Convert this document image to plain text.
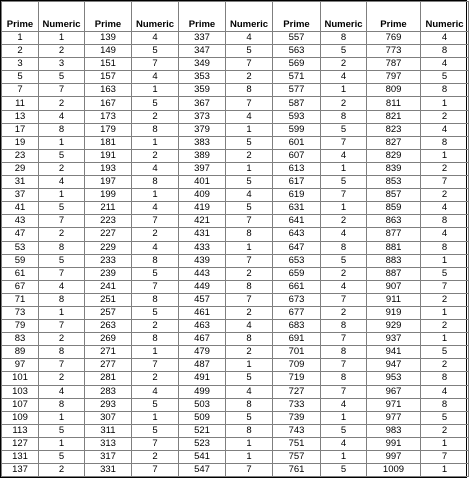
Prime	Numeric	Prime	Numeric	Prime	Numeric	Prime	Numeric	Prime	Numeric
1	1	139	4	337	4	557	8	769	4
2	2	149	5	347	5	563	5	773	8
3	3	151	7	349	7	569	2	787	4
5	5	157	4	353	2	571	4	797	5
7	7	163	1	359	8	577	1	809	8
11	2	167	5	367	7	587	2	811	1
13	4	173	2	373	4	593	8	821	2
17	8	179	8	379	1	599	5	823	4
19	1	181	1	383	5	601	7	827	8
23	5	191	2	389	2	607	4	829	1
29	2	193	4	397	1	613	1	839	2
31	4	197	8	401	5	617	5	853	7
37	1	199	1	409	4	619	7	857	2
41	5	211	4	419	5	631	1	859	4
43	7	223	7	421	7	641	2	863	8
47	2	227	2	431	8	643	4	877	4
53	8	229	4	433	1	647	8	881	8
59	5	233	8	439	7	653	5	883	1
61	7	239	5	443	2	659	2	887	5
67	4	241	7	449	8	661	4	907	7
71	8	251	8	457	7	673	7	911	2
73	1	257	5	461	2	677	2	919	1
79	7	263	2	463	4	683	8	929	2
83	2	269	8	467	8	691	7	937	1
89	8	271	1	479	2	701	8	941	5
97	7	277	7	487	1	709	7	947	2
101	2	281	2	491	5	719	8	953	8
103	4	283	4	499	4	727	7	967	4
107	8	293	5	503	8	733	4	971	8
109	1	307	1	509	5	739	1	977	5
113	5	311	5	521	8	743	5	983	2
127	1	313	7	523	1	751	4	991	1
131	5	317	2	541	1	757	1	997	7
137	2	331	7	547	7	761	5	1009	1
